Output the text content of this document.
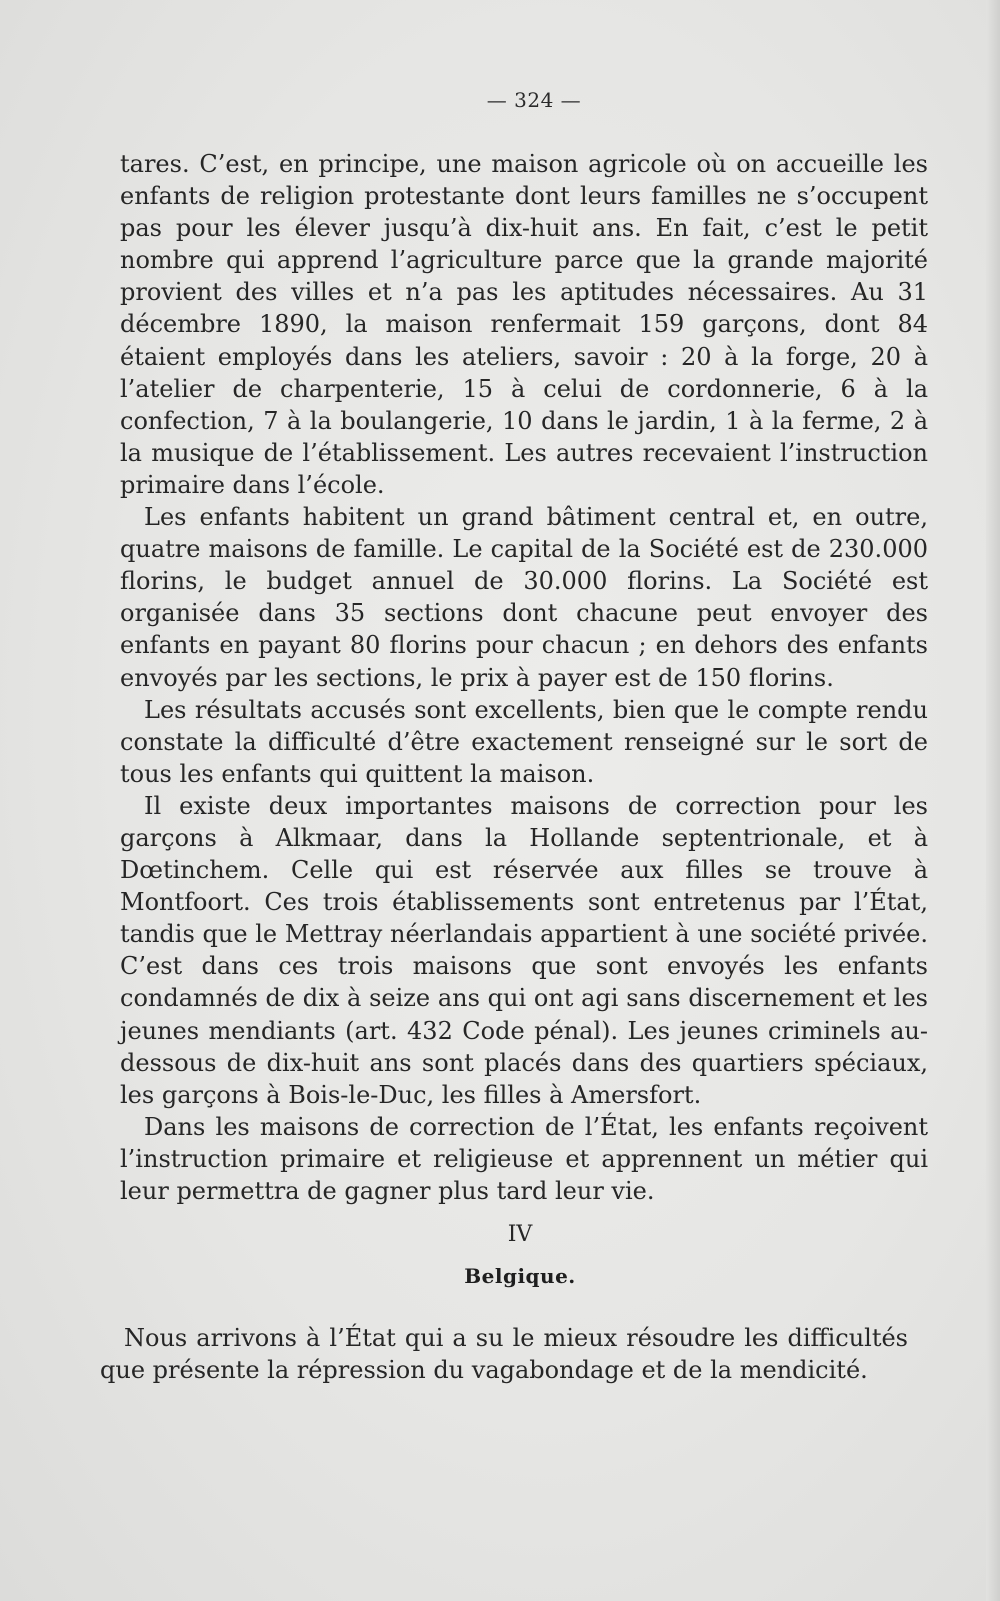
— 324 —

tares. C’est, en principe, une maison agricole où on accueille les enfants de religion protestante dont leurs familles ne s’occupent pas pour les élever jusqu’à dix-huit ans. En fait, c’est le petit nombre qui apprend l’agriculture parce que la grande majorité provient des villes et n’a pas les aptitudes nécessaires. Au 31 décembre 1890, la maison renfermait 159 garçons, dont 84 étaient employés dans les ateliers, savoir : 20 à la forge, 20 à l’atelier de charpenterie, 15 à celui de cordonnerie, 6 à la confection, 7 à la boulangerie, 10 dans le jardin, 1 à la ferme, 2 à la musique de l’établissement. Les autres recevaient l’instruction primaire dans l’école.

Les enfants habitent un grand bâtiment central et, en outre, quatre maisons de famille. Le capital de la Société est de 230.000 florins, le budget annuel de 30.000 florins. La Société est organisée dans 35 sections dont chacune peut envoyer des enfants en payant 80 florins pour chacun ; en dehors des enfants envoyés par les sections, le prix à payer est de 150 florins.

Les résultats accusés sont excellents, bien que le compte rendu constate la difficulté d’être exactement renseigné sur le sort de tous les enfants qui quittent la maison.

Il existe deux importantes maisons de correction pour les garçons à Alkmaar, dans la Hollande septentrionale, et à Dœtinchem. Celle qui est réservée aux filles se trouve à Montfoort. Ces trois établissements sont entretenus par l’État, tandis que le Mettray néerlandais appartient à une société privée. C’est dans ces trois maisons que sont envoyés les enfants condamnés de dix à seize ans qui ont agi sans discernement et les jeunes mendiants (art. 432 Code pénal). Les jeunes criminels au-dessous de dix-huit ans sont placés dans des quartiers spéciaux, les garçons à Bois-le-Duc, les filles à Amersfort.

Dans les maisons de correction de l’État, les enfants reçoivent l’instruction primaire et religieuse et apprennent un métier qui leur permettra de gagner plus tard leur vie.

IV
Belgique.

Nous arrivons à l’État qui a su le mieux résoudre les difficultés que présente la répression du vagabondage et de la mendicité.
